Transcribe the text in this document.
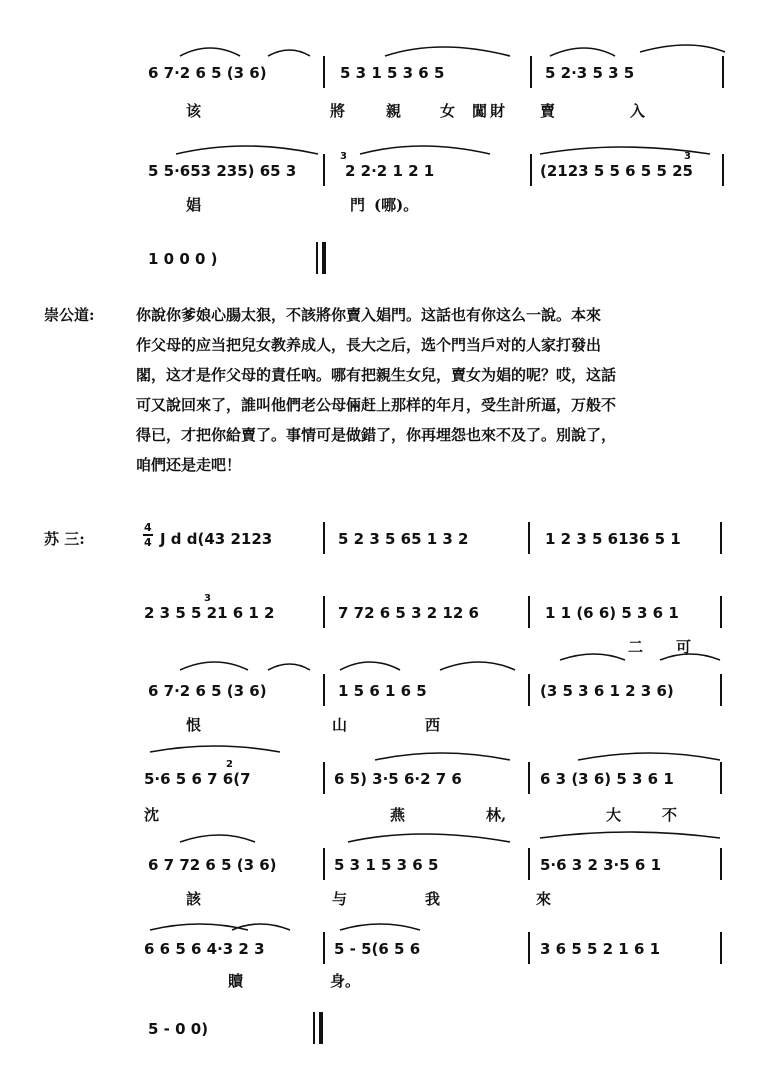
6 7·2 6 5 (3 6)	5 3 1 5 3 6 5	5 2·3 5 3 5
该	將	親	女 闖 財 賣	入
5 5·653 235) 65 3
3
2 2·2 1 2 1	(2123 5 5 6 5 5 25
3
娼	門 (哪)。
1 0 0 0 )
崇公道:	你說你爹娘心腸太狠，不該將你賣入娼門。这話也有你这么一說。本來
作父母的应当把兒女教养成人，長大之后，选个門当戶对的人家打發出
閣，这才是作父母的責任吶。哪有把親生女兒，賣女为娼的呢？哎，这話
可又說回來了，誰叫他們老公母倆赶上那样的年月，受生計所逼，万般不
得已，才把你給賣了。事情可是做錯了，你再埋怨也來不及了。別說了，
咱們还是走吧！
苏 三:
4
4 J d d(43 2123	5 2 3 5 65 1 3 2	1 2 3 5 6136 5 1
2 3 5 5 21 6 1 2
3
7 72 6 5 3 2 12 6	1 1 (6 6) 5 3 6 1
二 可
6 7·2 6 5 (3 6)	1 5 6 1 6 5	(3 5 3 6 1 2 3 6)
恨	山	西
5·6 5 6 7 6(7
2
6 5) 3·5 6·2 7 6	6 3 (3 6) 5 3 6 1
沈	燕	林,	大	不
6 7 72 6 5 (3 6)	5 3 1 5 3 6 5	5·6 3 2 3·5 6 1
該	与	我	來
6 6 5 6 4·3 2 3	5 - 5(6 5 6	3 6 5 5 2 1 6 1
贖	身。
5 - 0 0)
